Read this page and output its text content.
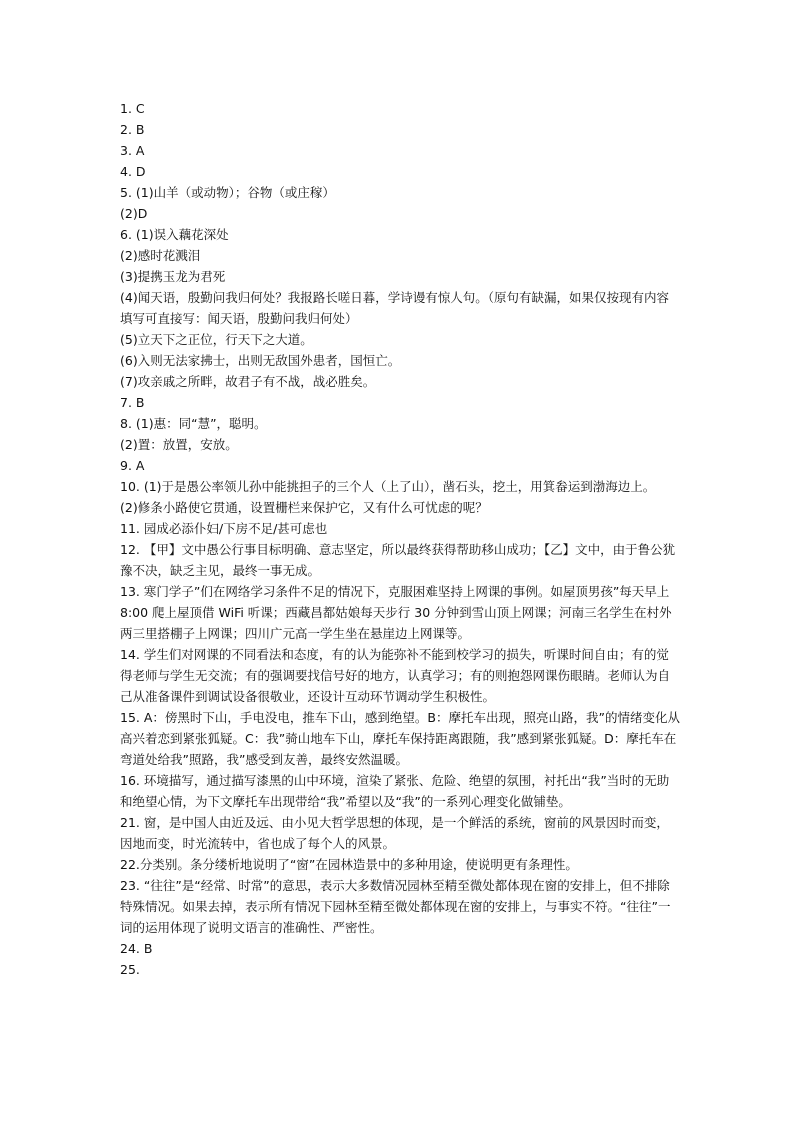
1. C

2. B

3. A

4. D

5. (1)山羊（或动物）；谷物（或庄稼）

(2)D

6. (1)误入藕花深处

(2)感时花溅泪

(3)提携玉龙为君死

(4)闻天语，殷勤问我归何处？我报路长嗟日暮，学诗谩有惊人句。（原句有缺漏，如果仅按现有内容填写可直接写：闻天语，殷勤问我归何处）

(5)立天下之正位，行天下之大道。

(6)入则无法家拂士，出则无敌国外患者，国恒亡。

(7)攻亲戚之所畔，故君子有不战，战必胜矣。

7. B

8. (1)惠：同“慧”，聪明。

(2)置：放置，安放。

9. A

10. (1)于是愚公率领儿孙中能挑担子的三个人（上了山），凿石头，挖土，用箕畚运到渤海边上。

(2)修条小路使它贯通，设置栅栏来保护它，又有什么可忧虑的呢？

11. 园成必添仆妇/下房不足/甚可虑也

12. 【甲】文中愚公行事目标明确、意志坚定，所以最终获得帮助移山成功；【乙】文中，由于鲁公犹豫不决，缺乏主见，最终一事无成。

13. 寒门学子”们在网络学习条件不足的情况下，克服困难坚持上网课的事例。如屋顶男孩”每天早上 8:00 爬上屋顶借 WiFi 听课；西藏昌都姑娘每天步行 30 分钟到雪山顶上网课；河南三名学生在村外两三里搭棚子上网课；四川广元高一学生坐在悬崖边上网课等。

14. 学生们对网课的不同看法和态度，有的认为能弥补不能到校学习的损失，听课时间自由；有的觉得老师与学生无交流；有的强调要找信号好的地方，认真学习；有的则抱怨网课伤眼睛。老师认为自己从准备课件到调试设备很敬业，还设计互动环节调动学生积极性。

15. A：傍黑时下山，手电没电，推车下山，感到绝望。B：摩托车出现，照亮山路，我”的情绪变化从高兴着恋到紧张狐疑。C：我”骑山地车下山，摩托车保持距离跟随，我”感到紧张狐疑。D：摩托车在弯道处给我”照路，我”感受到友善，最终安然温暖。

16. 环境描写，通过描写漆黑的山中环境，渲染了紧张、危险、绝望的氛围，衬托出“我”当时的无助和绝望心情，为下文摩托车出现带给“我”希望以及“我”的一系列心理变化做铺垫。

21. 窗，是中国人由近及远、由小见大哲学思想的体现，是一个鲜活的系统，窗前的风景因时而变，因地而变，时光流转中，省也成了每个人的风景。

22.分类别。条分缕析地说明了“窗”在园林造景中的多种用途，使说明更有条理性。

23. “往往”是“经常、时常”的意思，表示大多数情况园林至精至微处都体现在窗的安排上，但不排除特殊情况。如果去掉，表示所有情况下园林至精至微处都体现在窗的安排上，与事实不符。“往往”一词的运用体现了说明文语言的准确性、严密性。

24. B

25.
